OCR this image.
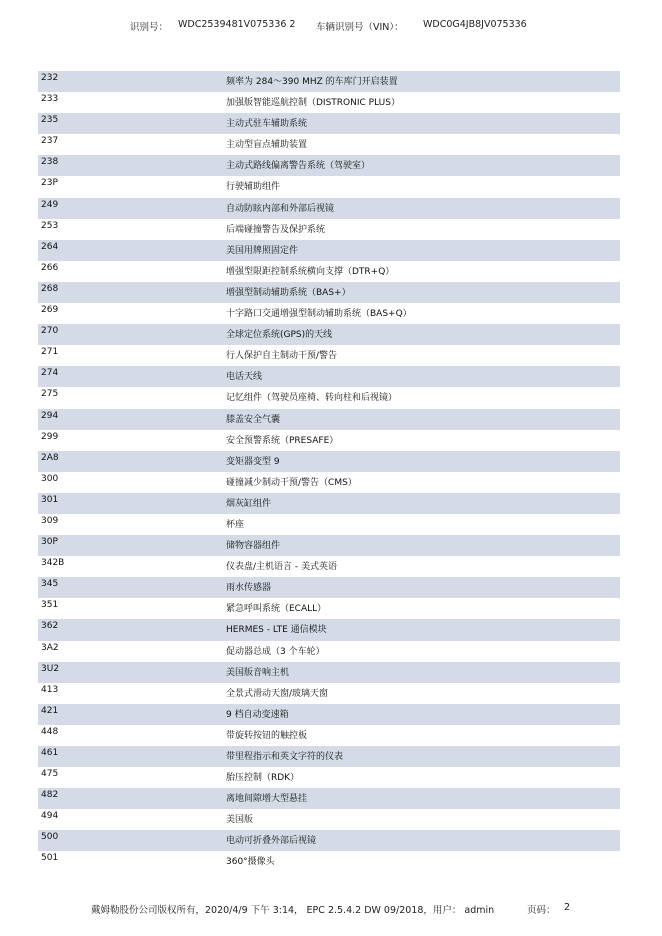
识别号： WDC2539481V075336 2 车辆识别号（VIN）： WDC0G4JB8JV075336
232	频率为 284～390 MHZ 的车库门开启装置
233	加强版智能巡航控制（DISTRONIC PLUS）
235	主动式驻车辅助系统
237	主动型盲点辅助装置
238	主动式路线偏离警告系统（驾驶室）
23P	行驶辅助组件
249	自动防眩内部和外部后视镜
253	后端碰撞警告及保护系统
264	美国用牌照固定件
266	增强型限距控制系统横向支撑（DTR+Q）
268	增强型制动辅助系统（BAS+）
269	十字路口交通增强型制动辅助系统（BAS+Q）
270	全球定位系统(GPS)的天线
271	行人保护自主制动干预/警告
274	电话天线
275	记忆组件（驾驶员座椅、转向柱和后视镜）
294	膝盖安全气囊
299	安全预警系统（PRESAFE）
2A8	变矩器变型 9
300	碰撞减少制动干预/警告（CMS）
301	烟灰缸组件
309	杯座
30P	储物容器组件
342B	仪表盘/主机语言 - 美式英语
345	雨水传感器
351	紧急呼叫系统（ECALL）
362	HERMES - LTE 通信模块
3A2	促动器总成（3 个车轮）
3U2	美国版音响主机
413	全景式滑动天窗/玻璃天窗
421	9 档自动变速箱
448	带旋转按钮的触控板
461	带里程指示和英文字符的仪表
475	胎压控制（RDK）
482	离地间隙增大型悬挂
494	美国版
500	电动可折叠外部后视镜
501	360°摄像头
戴姆勒股份公司版权所有，2020/4/9 下午 3:14， EPC 2.5.4.2 DW 09/2018，用户： admin	页码： 2
